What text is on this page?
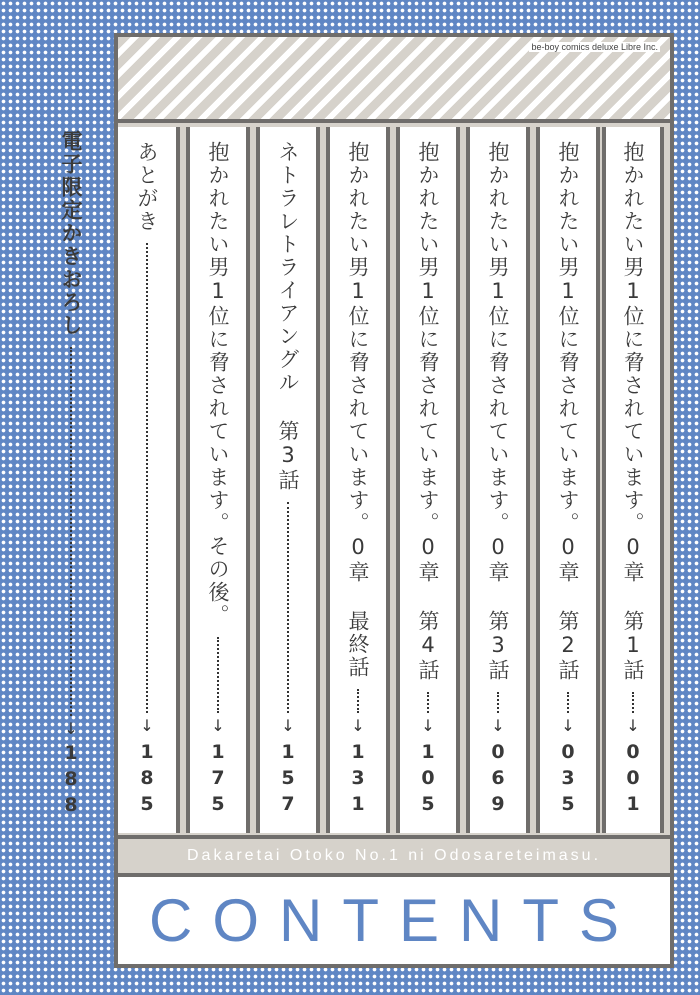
電子限定かきおろし
↓
188
be-boy comics deluxe Libre Inc.
抱かれたい男1位に脅されています。0章 第1話
↓
001
抱かれたい男1位に脅されています。0章 第2話
↓
035
抱かれたい男1位に脅されています。0章 第3話
↓
069
抱かれたい男1位に脅されています。0章 第4話
↓
105
抱かれたい男1位に脅されています。0章 最終話
↓
131
ネトラレトライアングル 第3話
↓
157
抱かれたい男1位に脅されています。その後。
↓
175
あとがき
↓
185
Dakaretai Otoko No.1 ni Odosareteimasu.
CONTENTS
